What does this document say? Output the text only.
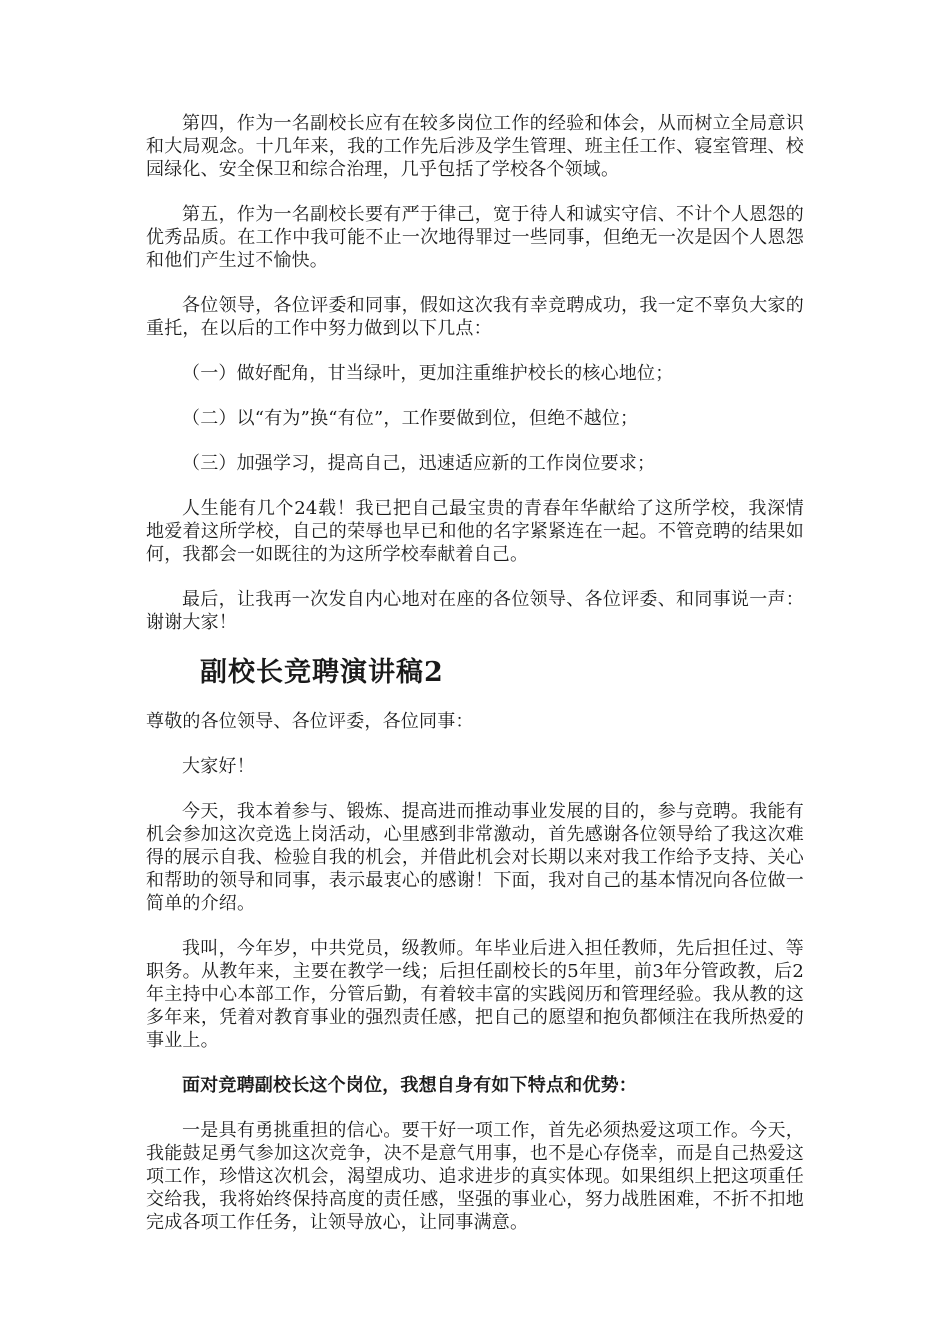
第四，作为一名副校长应有在较多岗位工作的经验和体会，从而树立全局意识和大局观念。十几年来，我的工作先后涉及学生管理、班主任工作、寝室管理、校园绿化、安全保卫和综合治理，几乎包括了学校各个领域。

第五，作为一名副校长要有严于律己，宽于待人和诚实守信、不计个人恩怨的优秀品质。在工作中我可能不止一次地得罪过一些同事，但绝无一次是因个人恩怨和他们产生过不愉快。

各位领导，各位评委和同事，假如这次我有幸竞聘成功，我一定不辜负大家的重托，在以后的工作中努力做到以下几点：

（一）做好配角，甘当绿叶，更加注重维护校长的核心地位；

（二）以“有为”换“有位”，工作要做到位，但绝不越位；

（三）加强学习，提高自己，迅速适应新的工作岗位要求；

人生能有几个24载！我已把自己最宝贵的青春年华献给了这所学校，我深情地爱着这所学校，自己的荣辱也早已和他的名字紧紧连在一起。不管竞聘的结果如何，我都会一如既往的为这所学校奉献着自己。

最后，让我再一次发自内心地对在座的各位领导、各位评委、和同事说一声：谢谢大家！

副校长竞聘演讲稿2

尊敬的各位领导、各位评委，各位同事：

大家好！

今天，我本着参与、锻炼、提高进而推动事业发展的目的，参与竞聘。我能有机会参加这次竞选上岗活动，心里感到非常激动，首先感谢各位领导给了我这次难得的展示自我、检验自我的机会，并借此机会对长期以来对我工作给予支持、关心和帮助的领导和同事，表示最衷心的感谢！下面，我对自己的基本情况向各位做一简单的介绍。

我叫，今年岁，中共党员，级教师。年毕业后进入担任教师，先后担任过、等职务。从教年来，主要在教学一线；后担任副校长的5年里，前3年分管政教，后2年主持中心本部工作，分管后勤，有着较丰富的实践阅历和管理经验。我从教的这多年来，凭着对教育事业的强烈责任感，把自己的愿望和抱负都倾注在我所热爱的事业上。

面对竞聘副校长这个岗位，我想自身有如下特点和优势：

一是具有勇挑重担的信心。要干好一项工作，首先必须热爱这项工作。今天，我能鼓足勇气参加这次竞争，决不是意气用事，也不是心存侥幸，而是自己热爱这项工作，珍惜这次机会，渴望成功、追求进步的真实体现。如果组织上把这项重任交给我，我将始终保持高度的责任感，坚强的事业心，努力战胜困难，不折不扣地完成各项工作任务，让领导放心，让同事满意。
